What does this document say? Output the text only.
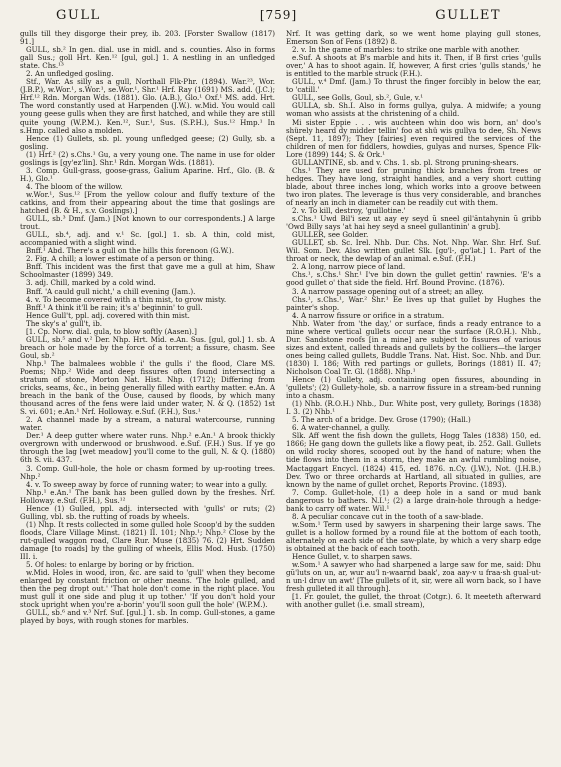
GULL	[759]	GULLET

gulls till they disgorge their prey, ib. 203. [Forster Swallow (1817) 91.]

GULL, sb.² In gen. dial. use in midl. and s. counties. Also in forms gall Sus.; goll Hrt. Ken.¹² [gul, gʊl.] 1. A nestling in an unfledged state. Chs.¹³

2. An unfledged gosling.

Stf., War. As silly as a gull, Northall Flk-Phr. (1894). War.²³, Wor. (J.B.P.), w.Wor.¹, s.Wor.¹, se.Wor.¹, Shr.¹ Hrf. Ray (1691) MS. add. (J.C.); Hrf.¹² Rdn. Morgan Wds. (1881). Glo. (A.B.), Glo.¹ Oxf.¹ MS. add. Hrt. The word constantly used at Harpenden (J.W.). w.Mid. You would call young geese gulls when they are first hatched, and while they are still quite young (W.P.M.). Ken.¹², Sur.¹, Sus. (S.P.H.), Sus.¹² Hmp.¹ In s.Hmp. called also a molden.

Hence (1) Gullets, sb. pl. young unfledged geese; (2) Gully, sb. a gosling.

(1) Hrf.² (2) s.Chs.¹ Gu, a very young one. The name in use for older goslings is [gy'ez'lin]. Shr.¹ Rdn. Morgan Wds. (1881).

3. Comp. Gull-grass, goose-grass, Galium Aparine. Hrf., Glo. (B. & H.), Glo.¹

4. The bloom of the willow.

w.Wor.¹, Sus.¹² [From the yellow colour and fluffy texture of the catkins, and from their appearing about the time that goslings are hatched (B. & H., s.v. Goslings).]

GULL, sb.³ Dmf. (Jam.) [Not known to our correspondents.] A large trout.

GULL, sb.⁴, adj. and v.¹ Sc. [gʊl.] 1. sb. A thin, cold mist, accompanied with a slight wind.

Bnff.¹ Abd. There's a gull on the hills this forenoon (G.W.).

2. Fig. A chill; a lower estimate of a person or thing.

Bnff. This incident was the first that gave me a gull at him, Shaw Schoolmaster (1899) 349.

3. adj. Chill, marked by a cold wind.

Bnff. 'A cauld gull nicht,' a chill evening (Jam.).

4. v. To become covered with a thin mist, to grow misty.

Bnff.¹ A think it'll be rain; it's a' beginnin' to gull.

Hence Gull't, ppl. adj. covered with thin mist.

The sky's a' gull't, ib.

[1. Cp. Norw. dial. gula, to blow softly (Aasen).]

GULL, sb.⁵ and v.² Der. Nhp. Hrt. Mid. e.An. Sus. [gul, gʊl.] 1. sb. A breach or hole made by the force of a torrent; a fissure, chasm. See Goul, sb.²

Nhp.¹ The balmalees wobble i' the gulls i' the flood, Clare MS. Poems; Nhp.² Wide and deep fissures often found intersecting a stratum of stone, Morton Nat. Hist. Nhp. (1712); Differing from cricks, seams, &c., in being generally filled with earthy matter. e.An. A breach in the bank of the Ouse, caused by floods, by which many thousand acres of the fens were laid under water, N. & Q. (1852) 1st S. vi. 601; e.An.¹ Nrf. Holloway. e.Suf. (F.H.), Sus.¹

2. A channel made by a stream, a natural watercourse, running water.

Der.¹ A deep gutter where water runs. Nhp.² e.An.¹ A brook thickly overgrown with underwood or brushwood. e.Suf. (F.H.) Sus. If ye go through the lag [wet meadow] you'll come to the gull, N. & Q. (1880) 6th S. vii. 437.

3. Comp. Gull-hole, the hole or chasm formed by up-rooting trees. Nhp.²

4. v. To sweep away by force of running water; to wear into a gully.

Nhp.¹ e.An.¹ The bank has been gulled down by the freshes. Nrf. Holloway. e.Suf. (F.H.), Sus.¹²

Hence (1) Gulled, ppl. adj. intersected with 'gulls' or ruts; (2) Gulling, vbl. sb. the rutting of roads by wheels.

(1) Nhp. It rests collected in some gulled hole Scoop'd by the sudden floods, Clare Village Minst. (1821) II. 101; Nhp.¹; Nhp.² Close by the rut-gulled waggon road, Clare Rur. Muse (1835) 76. (2) Hrt. Sudden damage [to roads] by the gulling of wheels, Ellis Mod. Husb. (1750) III. i.

5. Of holes: to enlarge by boring or by friction.

w.Mid. Holes in wood, iron, &c. are said to 'gull' when they become enlarged by constant friction or other means. 'The hole gulled, and then the peg dropt out.' 'That hole don't come in the right place. You must gull it one side and plug it up tother.' 'If you don't hold your stock upright when you're a-borin' you'll soon gull the hole' (W.P.M.).

GULL, sb.⁶ and v.³ Nrf. Suf. [gul.] 1. sb. In comp. Gull-stones, a game played by boys, with rough stones for marbles.

Nrf. It was getting dark, so we went home playing gull stones, Emerson Son of Fens (1892) 8.

2. v. In the game of marbles: to strike one marble with another.

e.Suf. A shoots at B's marble and hits it. Then, if B first cries 'gulls over,' A has to shoot again. If, however, A first cries 'gulls stands,' he is entitled to the marble struck (F.H.).

GULL, v.⁴ Dmf. (Jam.) To thrust the finger forcibly in below the ear, to 'catill.'

GULL, see Golls, Goul, sb.², Gule, v.¹

GULLA, sb. Sh.I. Also in forms gullya, gulya. A midwife; a young woman who assists at the christening of a child.

Mi sister Eppie . . . wis auchteen whin doo wis born, an' doo's shürely heard dy midder tellin' foo at shü wis gullya to dee, Sh. News (Sept. 11, 1897); They [fairies] even required the services of the children of men for fiddlers, howdies, gulyas and nurses, Spence Flk-Lore (1899) 144; S. & Ork.¹

GULLANTINE, sb. and v. Chs. 1. sb. pl. Strong pruning-shears.

Chs.¹ They are used for pruning thick branches from trees or hedges. They have long, straight handles, and a very short cutting blade, about three inches long, which works into a groove between two iron plates. The leverage is thus very considerable, and branches of nearly an inch in diameter can be readily cut with them.

2. v. To kill, destroy, 'guillotine.'

s.Chs.¹ Uwd Bil'i sez ut aay ey seyd ŭ sneel gil'ăntahynin ŭ gribb 'Owd Billy says 'at hai hey seyd a sneel gullantinin' a grub].

GULLER, see Golder.

GULLET, sb. Sc. Irel. Nhb. Dur. Chs. Not. Nhp. War. Shr. Hrf. Suf. Wil. Som. Dev. Also written gullet Slk. [gʊ'l-, gʊ'lət.] 1. Part of the throat or neck, the dewlap of an animal. e.Suf. (F.H.)

2. A long, narrow piece of land.

Chs.¹, s.Chs.¹ Shr.¹ I've bin down the gullet gettin' rawnies. 'E's a good gullet o' that side the field. Hrf. Bound Provinc. (1876).

3. A narrow passage opening out of a street; an alley.

Chs.¹, s.Chs.¹, War.² Shr.¹ Ee lives up that gullet by Hughes the painter's shop.

4. A narrow fissure or orifice in a stratum.

Nhb. Water from 'the day,' or surface, finds a ready entrance to a mine where vertical gullets occur near the surface (R.O.H.). Nhb., Dur. Sandstone roofs [in a mine] are subject to fissures of various sizes and extent, called threads and gullets by the colliers—the larger ones being called gullets, Buddle Trans. Nat. Hist. Soc. Nhb. and Dur. (1830) I. 186; With red partings or gullets, Borings (1881) II. 47; Nicholson Coal Tr. Gl. (1888). Nhp.¹

Hence (1) Gullety, adj. containing open fissures, abounding in 'gullets'; (2) Gullety-hole, sb. a narrow fissure in a stream-bed running into a chasm.

(1) Nhb. (R.O.H.) Nhb., Dur. White post, very gullety, Borings (1838) I. 3. (2) Nhb.¹

5. The arch of a bridge. Dev. Grose (1790); (Hall.)

6. A water-channel, a gully.

Slk. Aff went the fish down the gullets, Hogg Tales (1838) 150, ed. 1866; He gang down the gullets like a flowy peat, ib. 252. Gall. Gullets on wild rocky shores, scooped out by the hand of nature; when the tide flows into them in a storm, they make an awful rumbling noise, Mactaggart Encycl. (1824) 415, ed. 1876. n.Cy. (J.W.), Not. (J.H.B.) Dev. Two or three orchards at Hartland, all situated in gullies, are known by the name of gullet orchet, Reports Provinc. (1893).

7. Comp. Gullet-hole, (1) a deep hole in a sand or mud bank dangerous to bathers. N.I.¹; (2) a large drain-hole through a hedge-bank to carry off water. Wil.¹

8. A peculiar concave cut in the tooth of a saw-blade.

w.Som.¹ Term used by sawyers in sharpening their large saws. The gullet is a hollow formed by a round file at the bottom of each tooth, alternately on each side of the saw-plate, by which a very sharp edge is obtained at the back of each tooth.

Hence Gullet, v. to sharpen saws.

w.Som.¹ A sawyer who had sharpened a large saw for me, said: Dhu gŭ'luts on un, ar, wur au'l n-waarnd baak', zoa aay-v u fraa·sh gual·ut-n un·l druv un awt' [The gullets of it, sir, were all worn back, so I have fresh gulleted it all through].

[1. Fr. goulet, the gullet, the throat (Cotgr.). 6. It meeteth afterward with another gullet (i.e. small stream),
